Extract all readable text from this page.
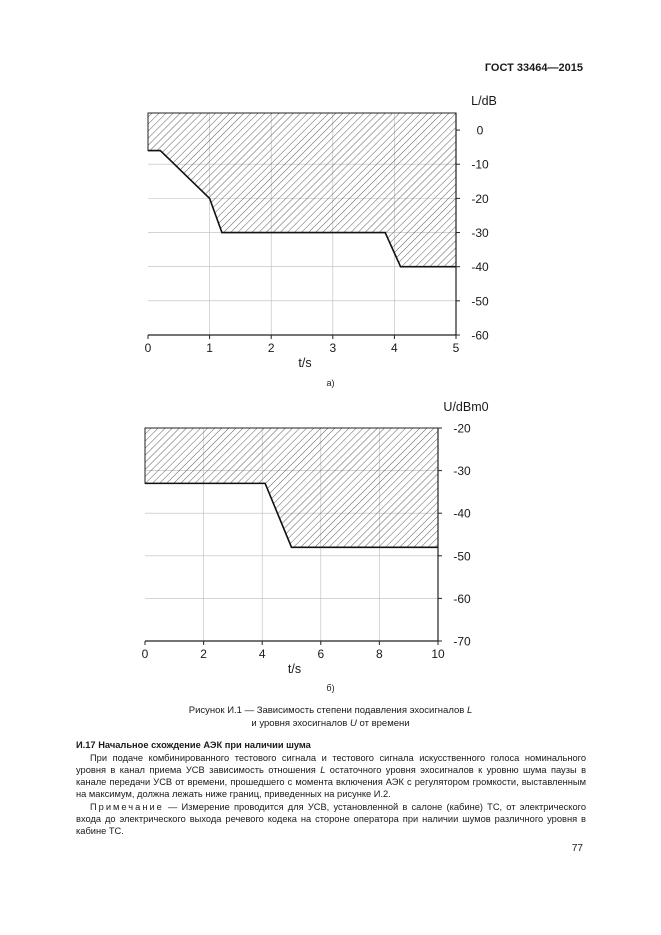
ГОСТ 33464—2015
0	1	2	3	4	5
0
-10
-20
-30
-40
-50
-60
t/s
L/dB
а)
0	2	4	6	8	10
-20
-30
-40
-50
-60
-70
t/s
U/dBm0
б)
Рисунок И.1 — Зависимость степени подавления эхосигналов L
и уровня эхосигналов U от времени
И.17 Начальное схождение АЭК при наличии шума
При подаче комбинированного тестового сигнала и тестового сигнала искусственного голоса номинального уровня в канал приема УСВ зависимость отношения L остаточного уровня эхосигналов к уровню шума паузы в канале передачи УСВ от времени, прошедшего с момента включения АЭК с регулятором громкости, выставленным на максимум, должна лежать ниже границ, приведенных на рисунке И.2.
Примечание — Измерение проводится для УСВ, установленной в салоне (кабине) ТС, от электрического входа до электрического выхода речевого кодека на стороне оператора при наличии шумов различного уровня в кабине ТС.
77
